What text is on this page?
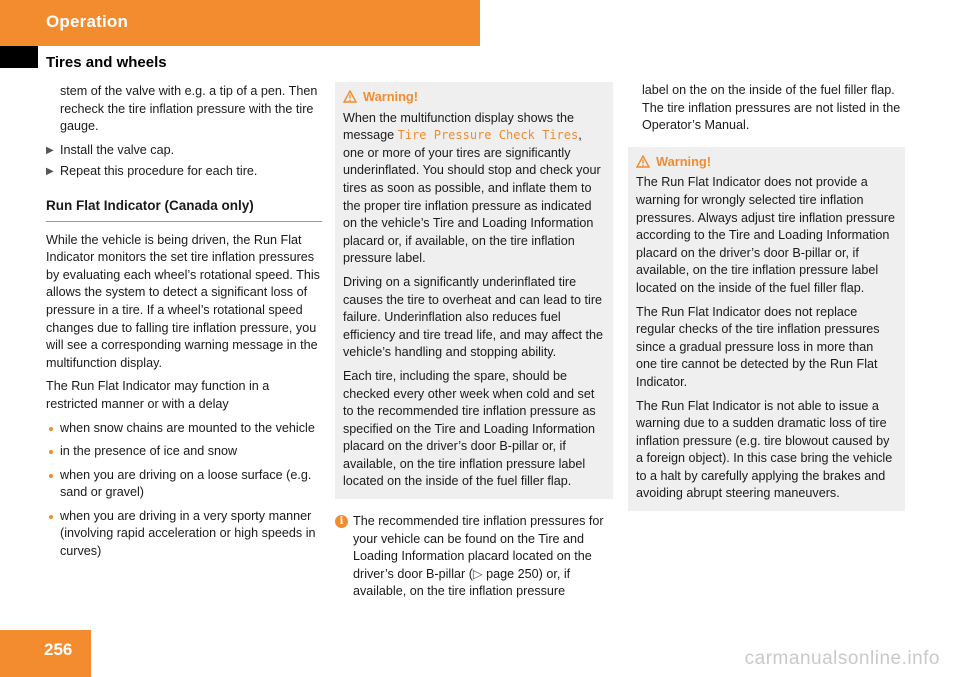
Operation
Tires and wheels

stem of the valve with e.g. a tip of a pen. Then recheck the tire inflation pressure with the tire gauge.

▶ Install the valve cap.
▶ Repeat this procedure for each tire.
Run Flat Indicator (Canada only)

While the vehicle is being driven, the Run Flat Indicator monitors the set tire inflation pressures by evaluating each wheel’s rotational speed. This allows the system to detect a significant loss of pressure in a tire. If a wheel’s rotational speed changes due to falling tire inflation pressure, you will see a corresponding warning message in the multifunction display.

The Run Flat Indicator may function in a restricted manner or with a delay

when snow chains are mounted to the vehicle
in the presence of ice and snow
when you are driving on a loose surface (e.g. sand or gravel)
when you are driving in a very sporty manner (involving rapid acceleration or high speeds in curves)
Warning!

When the multifunction display shows the message Tire Pressure Check Tires, one or more of your tires are significantly underinflated. You should stop and check your tires as soon as possible, and inflate them to the proper tire inflation pressure as indicated on the vehicle’s Tire and Loading Information placard or, if available, on the tire inflation pressure label.

Driving on a significantly underinflated tire causes the tire to overheat and can lead to tire failure. Underinflation also reduces fuel efficiency and tire tread life, and may affect the vehicle’s handling and stopping ability.

Each tire, including the spare, should be checked every other week when cold and set to the recommended tire inflation pressure as specified on the Tire and Loading Information placard on the driver’s door B-pillar or, if available, on the tire inflation pressure label located on the inside of the fuel filler flap.

i The recommended tire inflation pressures for your vehicle can be found on the Tire and Loading Information placard located on the driver’s door B-pillar (▷ page 250) or, if available, on the tire inflation pressure

label on the on the inside of the fuel filler flap. The tire inflation pressures are not listed in the Operator’s Manual.

Warning!

The Run Flat Indicator does not provide a warning for wrongly selected tire inflation pressures. Always adjust tire inflation pressure according to the Tire and Loading Information placard on the driver’s door B-pillar or, if available, on the tire inflation pressure label located on the inside of the fuel filler flap.

The Run Flat Indicator does not replace regular checks of the tire inflation pressures since a gradual pressure loss in more than one tire cannot be detected by the Run Flat Indicator.

The Run Flat Indicator is not able to issue a warning due to a sudden dramatic loss of tire inflation pressure (e.g. tire blowout caused by a foreign object). In this case bring the vehicle to a halt by carefully applying the brakes and avoiding abrupt steering maneuvers.

256	carmanualsonline.info
